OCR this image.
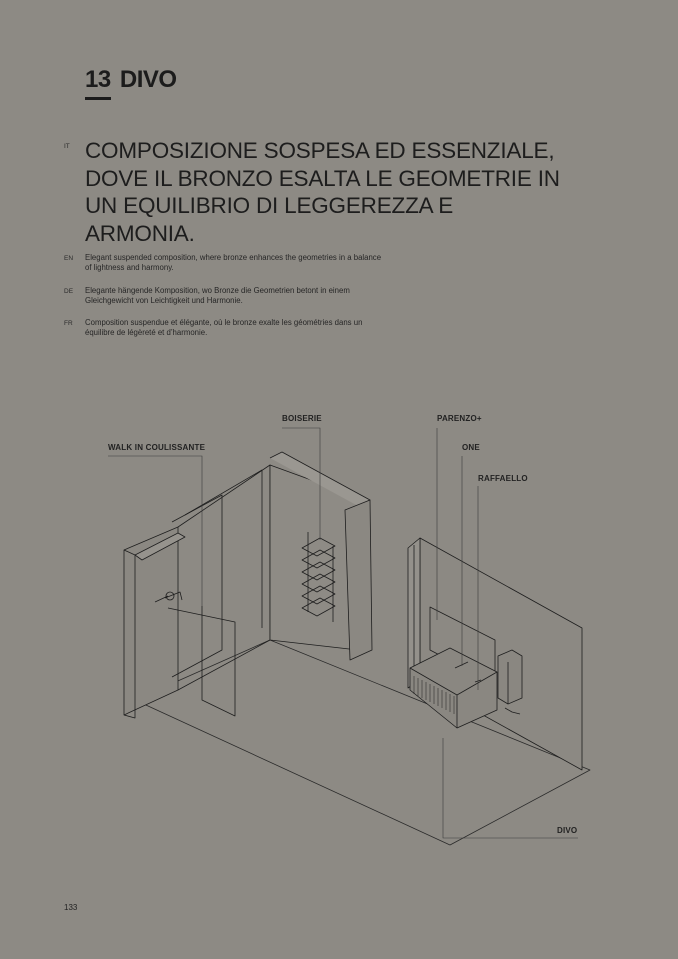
13 DIVO
IT COMPOSIZIONE SOSPESA ED ESSENZIALE, DOVE IL BRONZO ESALTA LE GEOMETRIE IN UN EQUILIBRIO DI LEGGEREZZA E ARMONIA.
EN Elegant suspended composition, where bronze enhances the geometries in a balance of lightness and harmony.
DE Elegante hängende Komposition, wo Bronze die Geometrien betont in einem Gleichgewicht von Leichtigkeit und Harmonie.
FR Composition suspendue et élégante, où le bronze exalte les géométries dans un équilibre de légèreté et d’harmonie.
BOISERIE	PARENZO+
WALK IN COULISSANTE	ONE
RAFFAELLO
DIVO
133
